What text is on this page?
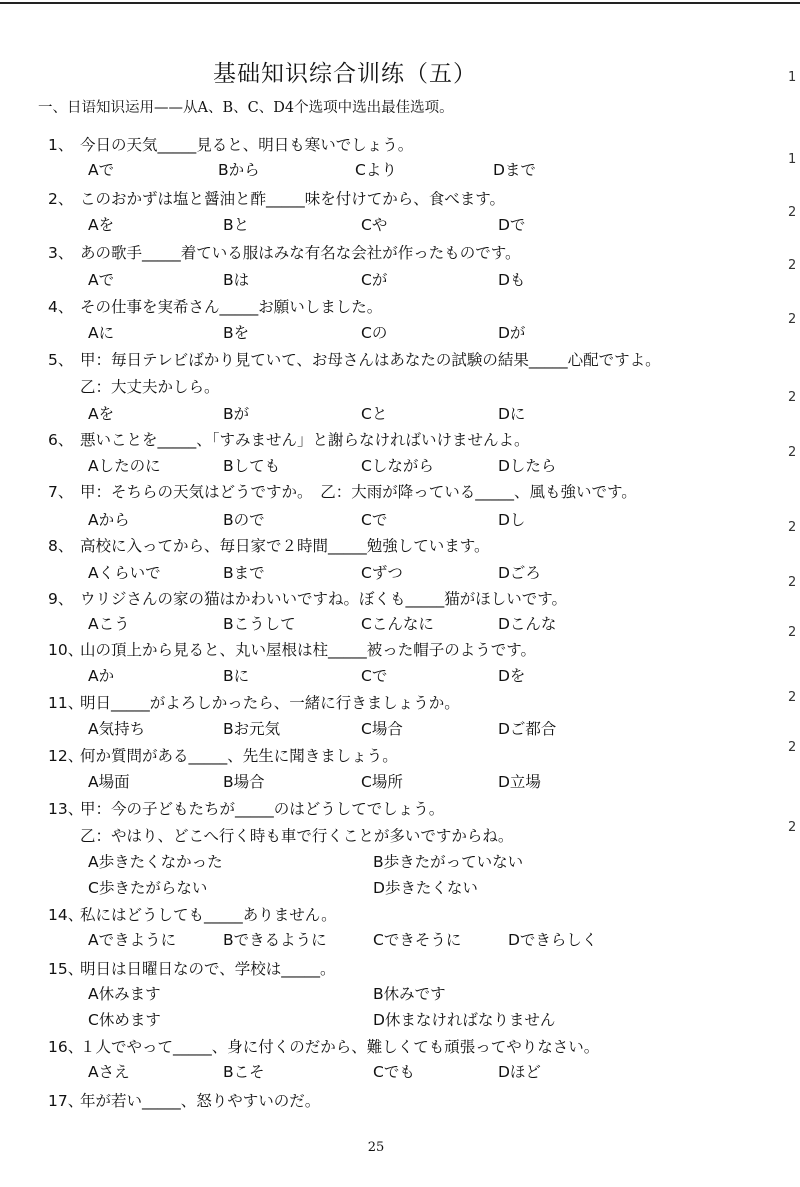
基础知识综合训练（五）
一、日语知识运用——从A、B、C、D4个选项中选出最佳选项。
1、 今日の天気_____見ると、明日も寒いでしょう。
Aで	Bから	Cより	Dまで
2、 このおかずは塩と醤油と酢_____味を付けてから、食べます。
Aを	Bと	Cや	Dで
3、 あの歌手_____着ている服はみな有名な会社が作ったものです。
Aで	Bは	Cが	Dも
4、 その仕事を実希さん_____お願いしました。
Aに	Bを	Cの	Dが
5、 甲：毎日テレビばかり見ていて、お母さんはあなたの試験の結果_____心配ですよ。
乙：大丈夫かしら。
Aを	Bが	Cと	Dに
6、 悪いことを_____、「すみません」と謝らなければいけませんよ。
Aしたのに	Bしても	Cしながら	Dしたら
7、 甲：そちらの天気はどうですか。　乙：大雨が降っている_____、風も強いです。
Aから	Bので	Cで	Dし
8、 高校に入ってから、毎日家で２時間_____勉強しています。
Aくらいで	Bまで	Cずつ	Dごろ
9、 ウリジさんの家の猫はかわいいですね。ぼくも_____猫がほしいです。
Aこう	Bこうして	Cこんなに	Dこんな
10、
山の頂上から見ると、丸い屋根は柱_____被った帽子のようです。
Aか	Bに	Cで	Dを
11、
明日_____がよろしかったら、一緒に行きましょうか。
A気持ち	Bお元気	C場合	Dご都合
12、
何か質問がある_____、先生に聞きましょう。
A場面	B場合	C場所	D立場
13、
甲：今の子どもたちが_____のはどうしてでしょう。
乙：やはり、どこへ行く時も車で行くことが多いですからね。
A歩きたくなかった	B歩きたがっていない
C歩きたがらない	D歩きたくない
14、
私にはどうしても_____ありません。
Aできように	Bできるように	Cできそうに	Dできらしく
15、
明日は日曜日なので、学校は_____。
A休みます	B休みです
C休めます	D休まなければなりません
16、
１人でやって_____、身に付くのだから、難しくても頑張ってやりなさい。
Aさえ	Bこそ	Cでも	Dほど
17、
年が若い_____、怒りやすいのだ。
25
1
1
2
2
2
2
2
2
2
2
2
2
2
